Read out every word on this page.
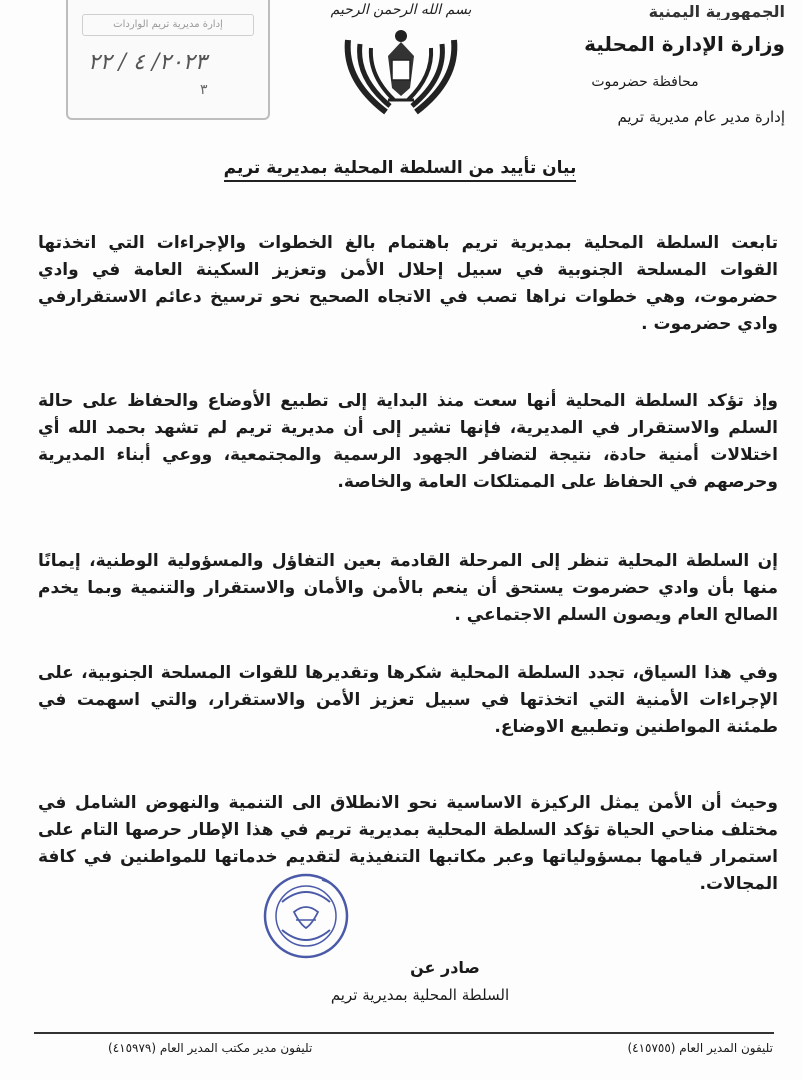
الجمهورية اليمنية
وزارة الإدارة المحلية
محافظة حضرموت
إدارة مدير عام مديرية تريم
بسم الله الرحمن الرحيم
إدارة مديرية تريم الواردات
٢٠٢٣/ ٤ / ٢٢
٣
بيان تأييد من السلطة المحلية بمديرية تريم
تابعت السلطة المحلية بمديرية تريم باهتمام بالغ الخطوات والإجراءات التي اتخذتها القوات المسلحة الجنوبية في سبيل إحلال الأمن وتعزيز السكينة العامة في وادي حضرموت، وهي خطوات نراها تصب في الاتجاه الصحيح نحو ترسيخ دعائم الاستقرارفي وادي حضرموت .
وإذ تؤكد السلطة المحلية أنها سعت منذ البداية إلى تطبيع الأوضاع والحفاظ على حالة السلم والاستقرار في المديرية، فإنها تشير إلى أن مديرية تريم لم تشهد بحمد الله أي اختلالات أمنية حادة، نتيجة لتضافر الجهود الرسمية والمجتمعية، ووعي أبناء المديرية وحرصهم في الحفاظ على الممتلكات العامة والخاصة.
إن السلطة المحلية تنظر إلى المرحلة القادمة بعين التفاؤل والمسؤولية الوطنية، إيمانًا منها بأن وادي حضرموت يستحق أن ينعم بالأمن والأمان والاستقرار والتنمية وبما يخدم الصالح العام ويصون السلم الاجتماعي .
وفي هذا السياق، تجدد السلطة المحلية شكرها وتقديرها للقوات المسلحة الجنوبية، على الإجراءات الأمنية التي اتخذتها في سبيل تعزيز الأمن والاستقرار، والتي اسهمت في طمئنة المواطنين وتطبيع الاوضاع.
وحيث أن الأمن يمثل الركيزة الاساسية نحو الانطلاق الى التنمية والنهوض الشامل في مختلف مناحي الحياة تؤكد السلطة المحلية بمديرية تريم في هذا الإطار حرصها التام على استمرار قيامها بمسؤولياتها وعبر مكاتبها التنفيذية لتقديم خدماتها للمواطنين في كافة المجالات.
صادر عن
السلطة المحلية بمديرية تريم
تليفون المدير العام (٤١٥٧٥٥)
تليفون مدير مكتب المدير العام (٤١٥٩٧٩)
